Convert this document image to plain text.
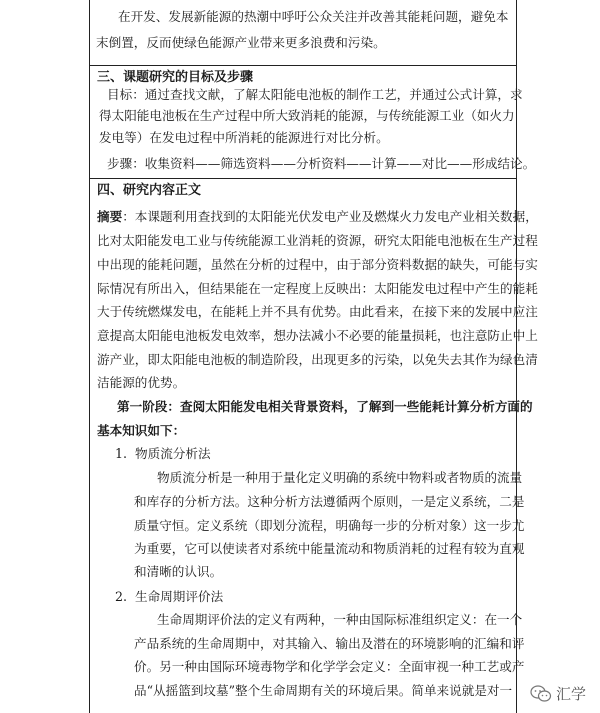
在开发、发展新能源的热潮中呼吁公众关注并改善其能耗问题，避免本
末倒置，反而使绿色能源产业带来更多浪费和污染。
三、课题研究的目标及步骤
目标：通过查找文献，了解太阳能电池板的制作工艺，并通过公式计算，求
得太阳能电池板在生产过程中所大致消耗的能源，与传统能源工业（如火力
发电等）在发电过程中所消耗的能源进行对比分析。
步骤：收集资料——筛选资料——分析资料——计算——对比——形成结论。
四、研究内容正文
摘要：本课题利用查找到的太阳能光伏发电产业及燃煤火力发电产业相关数据，
比对太阳能发电工业与传统能源工业消耗的资源，研究太阳能电池板在生产过程
中出现的能耗问题，虽然在分析的过程中，由于部分资料数据的缺失，可能与实
际情况有所出入，但结果能在一定程度上反映出：太阳能发电过程中产生的能耗
大于传统燃煤发电，在能耗上并不具有优势。由此看来，在接下来的发展中应注
意提高太阳能电池板发电效率，想办法减小不必要的能量损耗，也注意防止中上
游产业，即太阳能电池板的制造阶段，出现更多的污染，以免失去其作为绿色清
洁能源的优势。
第一阶段：查阅太阳能发电相关背景资料，了解到一些能耗计算分析方面的
基本知识如下：
1. 物质流分析法
物质流分析是一种用于量化定义明确的系统中物料或者物质的流量
和库存的分析方法。这种分析方法遵循两个原则，一是定义系统，二是
质量守恒。定义系统（即划分流程，明确每一步的分析对象）这一步尤
为重要，它可以使读者对系统中能量流动和物质消耗的过程有较为直观
和清晰的认识。
2. 生命周期评价法
生命周期评价法的定义有两种，一种由国际标准组织定义：在一个
产品系统的生命周期中，对其输入、输出及潜在的环境影响的汇编和评
价。另一种由国际环境毒物学和化学学会定义：全面审视一种工艺或产
品“从摇篮到坟墓”整个生命周期有关的环境后果。简单来说就是对一	汇学
